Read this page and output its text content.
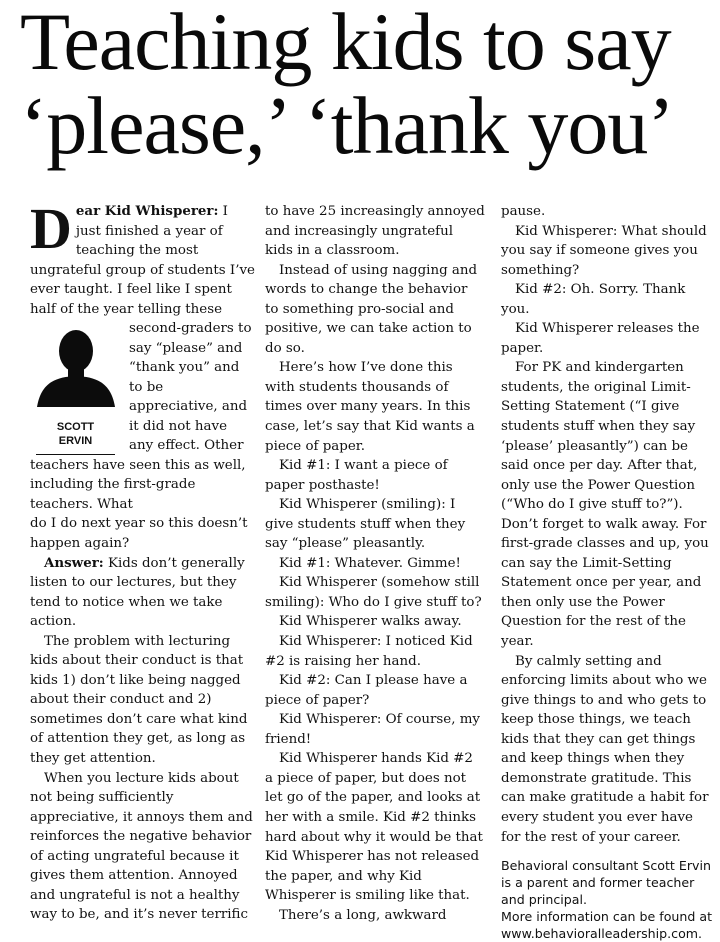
Teaching kids to say
‘please,’ ‘thank you’
D ear Kid Whisperer: I just finished a year of teaching the most ungrateful group of students I’ve ever taught. I feel like I spent half of the year telling these
SCOTT
ERVIN

second-graders to say “please” and “thank you” and to be appreciative, and it did not have any effect. Other teachers have seen this as well, including the first-grade teachers. What

do I do next year so this doesn’t happen again?

Answer: Kids don’t generally listen to our lectures, but they tend to notice when we take action.

The problem with lecturing kids about their conduct is that kids 1) don’t like being nagged about their conduct and 2) sometimes don’t care what kind of attention they get, as long as they get attention.

When you lecture kids about not being sufficiently appreciative, it annoys them and reinforces the negative behavior of acting ungrateful because it gives them attention. Annoyed and ungrateful is not a healthy way to be, and it’s never terrific

to have 25 increasingly annoyed and increasingly ungrateful kids in a classroom.

Instead of using nagging and words to change the behavior to something pro-social and positive, we can take action to do so.

Here’s how I’ve done this with students thousands of times over many years. In this case, let’s say that Kid wants a piece of paper.

Kid #1: I want a piece of paper posthaste!

Kid Whisperer (smiling): I give students stuff when they say “please” pleasantly.

Kid #1: Whatever. Gimme!

Kid Whisperer (somehow still smiling): Who do I give stuff to?

Kid Whisperer walks away.

Kid Whisperer: I noticed Kid #2 is raising her hand.

Kid #2: Can I please have a piece of paper?

Kid Whisperer: Of course, my friend!

Kid Whisperer hands Kid #2 a piece of paper, but does not let go of the paper, and looks at her with a smile. Kid #2 thinks hard about why it would be that Kid Whisperer has not released the paper, and why Kid Whisperer is smiling like that.

There’s a long, awkward

pause.

Kid Whisperer: What should you say if someone gives you something?

Kid #2: Oh. Sorry. Thank you.

Kid Whisperer releases the paper.

For PK and kindergarten students, the original Limit-Setting Statement (“I give students stuff when they say ‘please’ pleasantly”) can be said once per day. After that, only use the Power Question (“Who do I give stuff to?”). Don’t forget to walk away. For first-grade classes and up, you can say the Limit-Setting Statement once per year, and then only use the Power Question for the rest of the year.

By calmly setting and enforcing limits about who we give things to and who gets to keep those things, we teach kids that they can get things and keep things when they demonstrate gratitude. This can make gratitude a habit for every student you ever have for the rest of your career.

Behavioral consultant Scott Ervin is a parent and former teacher and principal.

More information can be found at www.behavioralleadership.com.
